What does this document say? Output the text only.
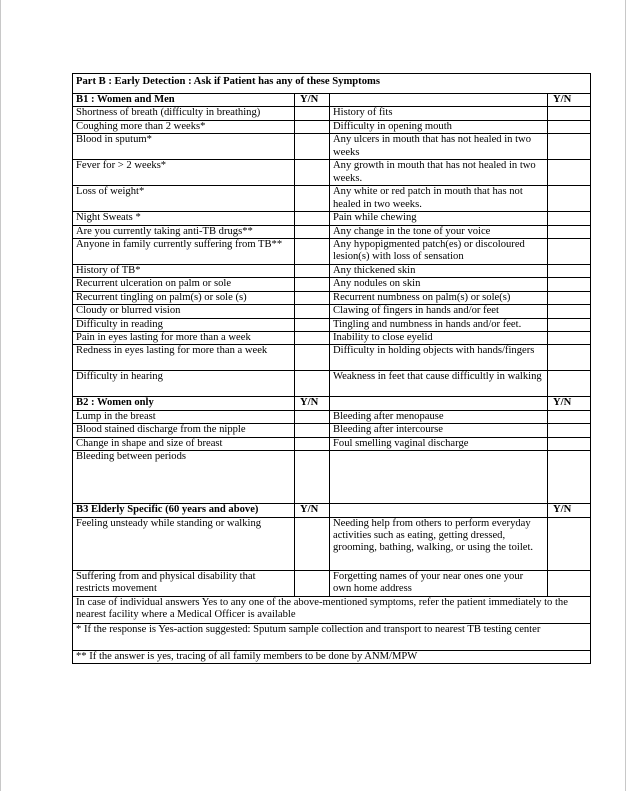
Part B : Early Detection : Ask if Patient has any of these Symptoms			
B1 : Women and Men	Y/N		Y/N
Shortness of breath (difficulty in breathing)		History of fits	
Coughing more than 2 weeks*		Difficulty in opening mouth	
Blood in sputum*		Any ulcers in mouth that has not healed in two weeks	
Fever for > 2 weeks*		Any growth in mouth that has not healed in two weeks.	
Loss of weight*		Any white or red patch in mouth that has not healed in two weeks.	
Night Sweats *		Pain while chewing	
Are you currently taking anti-TB drugs**		Any change in the tone of your voice	
Anyone in family currently suffering from TB**		Any hypopigmented patch(es) or discoloured lesion(s) with loss of sensation	
History of TB*		Any thickened skin	
Recurrent ulceration on palm or sole		Any nodules on skin	
Recurrent tingling on palm(s) or sole (s)		Recurrent numbness on palm(s) or sole(s)	
Cloudy or blurred vision		Clawing of fingers in hands and/or feet	
Difficulty in reading		Tingling and numbness in hands and/or feet.	
Pain in eyes lasting for more than a week		Inability to close eyelid	
Redness in eyes lasting for more than a week		Difficulty in holding objects with hands/fingers	
Difficulty in hearing		Weakness in feet that cause difficultly in walking	
B2 : Women only	Y/N		Y/N
Lump in the breast		Bleeding after menopause	
Blood stained discharge from the nipple		Bleeding after intercourse	
Change in shape and size of breast		Foul smelling vaginal discharge	
Bleeding between periods			
B3 Elderly Specific (60 years and above)	Y/N		Y/N
Feeling unsteady while standing or walking		Needing help from others to perform everyday activities such as eating, getting dressed, grooming, bathing, walking, or using the toilet.	
Suffering from and physical disability that restricts movement		Forgetting names of your near ones one your own home address	
In case of individual answers Yes to any one of the above-mentioned symptoms, refer the patient immediately to the nearest facility where a Medical Officer is available			
* If the response is Yes-action suggested: Sputum sample collection and transport to nearest TB testing center			
** If the answer is yes, tracing of all family members to be done by ANM/MPW			
